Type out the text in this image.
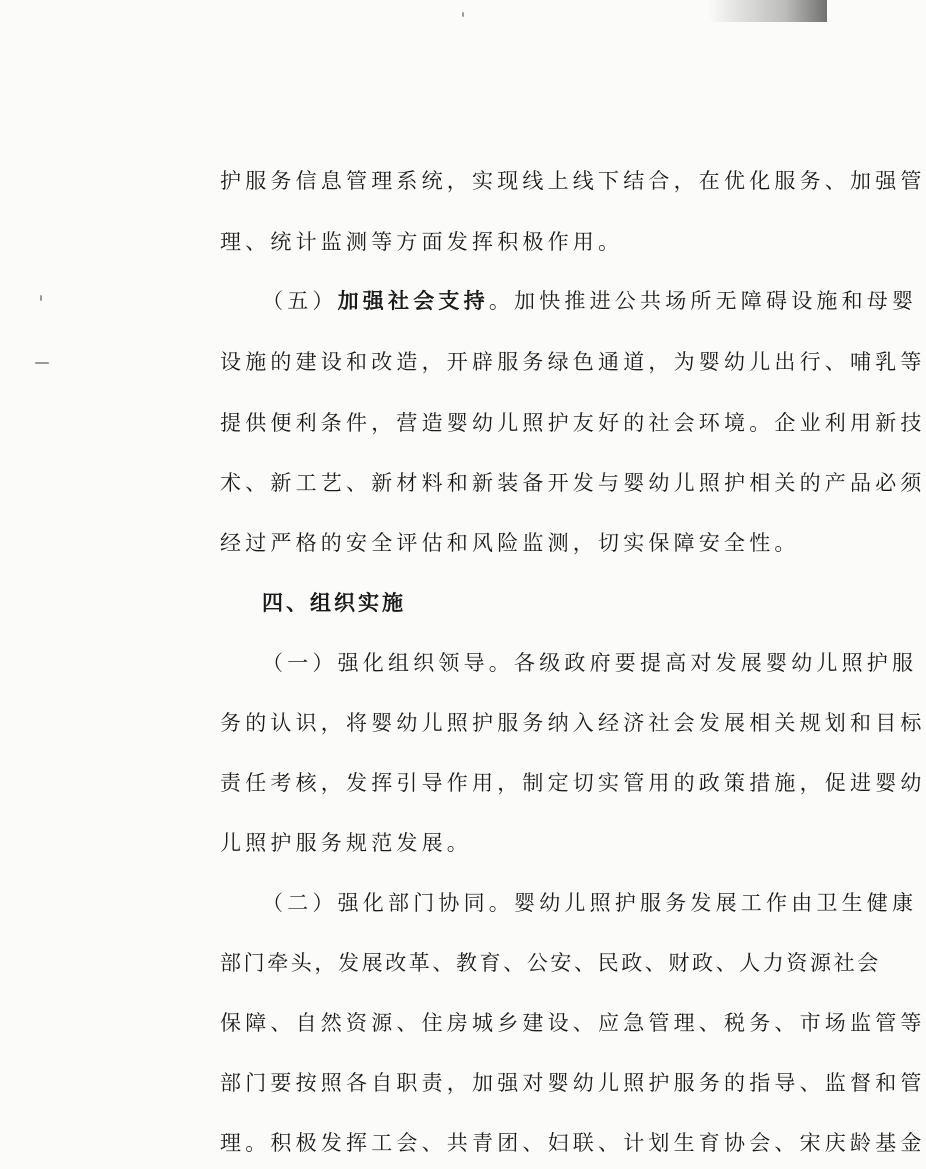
护服务信息管理系统，实现线上线下结合，在优化服务、加强管
理、统计监测等方面发挥积极作用。
（五）加强社会支持。加快推进公共场所无障碍设施和母婴
设施的建设和改造，开辟服务绿色通道，为婴幼儿出行、哺乳等
提供便利条件，营造婴幼儿照护友好的社会环境。企业利用新技
术、新工艺、新材料和新装备开发与婴幼儿照护相关的产品必须
经过严格的安全评估和风险监测，切实保障安全性。
四、组织实施
（一）强化组织领导。各级政府要提高对发展婴幼儿照护服
务的认识，将婴幼儿照护服务纳入经济社会发展相关规划和目标
责任考核，发挥引导作用，制定切实管用的政策措施，促进婴幼
儿照护服务规范发展。
（二）强化部门协同。婴幼儿照护服务发展工作由卫生健康
部门牵头，发展改革、教育、公安、民政、财政、人力资源社会
保障、自然资源、住房城乡建设、应急管理、税务、市场监管等
部门要按照各自职责，加强对婴幼儿照护服务的指导、监督和管
理。积极发挥工会、共青团、妇联、计划生育协会、宋庆龄基金
